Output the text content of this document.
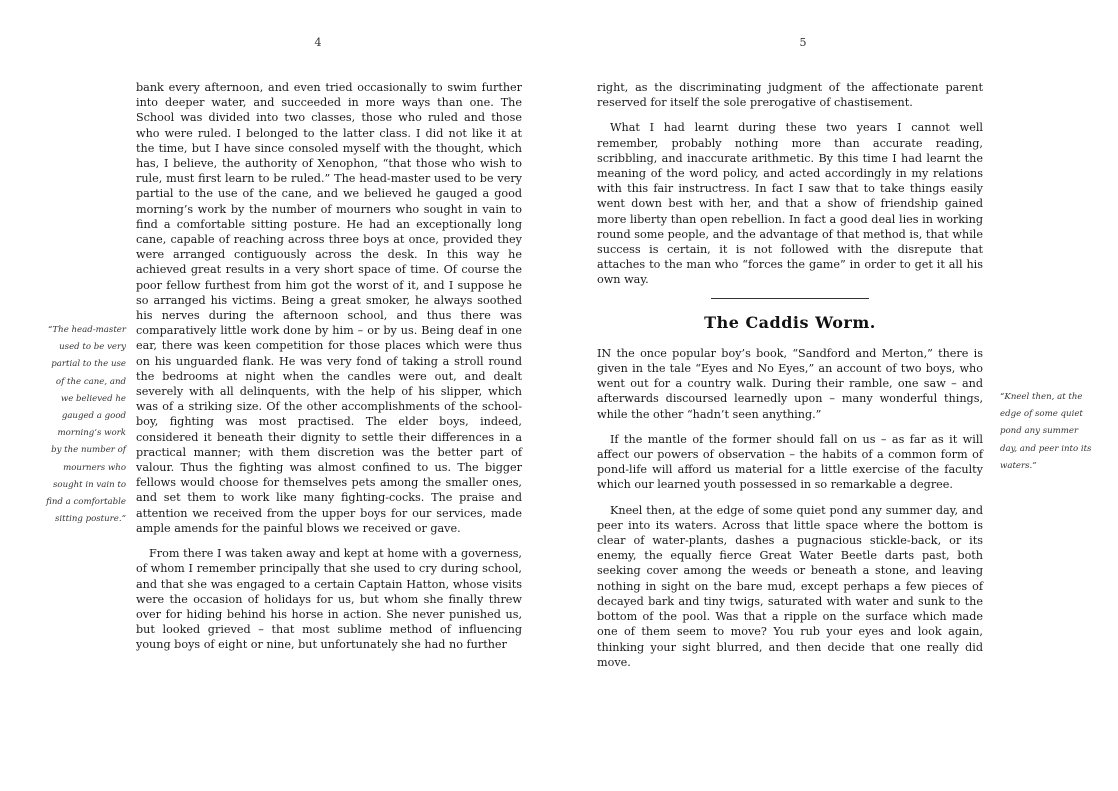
4	5
“The head-master used to be very partial to the use of the cane, and we believed he gauged a good morning’s work by the number of mourners who sought in vain to find a comfortable sitting posture.”

bank every afternoon, and even tried occasionally to swim further into deeper water, and succeeded in more ways than one. The School was divided into two classes, those who ruled and those who were ruled. I belonged to the latter class. I did not like it at the time, but I have since consoled myself with the thought, which has, I believe, the authority of Xenophon, “that those who wish to rule, must first learn to be ruled.” The head-master used to be very partial to the use of the cane, and we believed he gauged a good morning’s work by the number of mourners who sought in vain to find a comfortable sitting posture. He had an exceptionally long cane, capable of reaching across three boys at once, provided they were arranged contiguously across the desk. In this way he achieved great results in a very short space of time. Of course the poor fellow furthest from him got the worst of it, and I suppose he so arranged his victims. Being a great smoker, he always soothed his nerves during the afternoon school, and thus there was comparatively little work done by him – or by us. Being deaf in one ear, there was keen competition for those places which were thus on his unguarded flank. He was very fond of taking a stroll round the bedrooms at night when the candles were out, and dealt severely with all delinquents, with the help of his slipper, which was of a striking size. Of the other accomplishments of the school-boy, fighting was most practised. The elder boys, indeed, considered it beneath their dignity to settle their differences in a practical manner; with them discretion was the better part of valour. Thus the fighting was almost confined to us. The bigger fellows would choose for themselves pets among the smaller ones, and set them to work like many fighting-cocks. The praise and attention we received from the upper boys for our services, made ample amends for the painful blows we received or gave.

From there I was taken away and kept at home with a governess, of whom I remember principally that she used to cry during school, and that she was engaged to a certain Captain Hatton, whose visits were the occasion of holidays for us, but whom she finally threw over for hiding behind his horse in action. She never punished us, but looked grieved – that most sublime method of influencing young boys of eight or nine, but unfortunately she had no further

right, as the discriminating judgment of the affectionate parent reserved for itself the sole prerogative of chastisement.

What I had learnt during these two years I cannot well remember, probably nothing more than accurate reading, scribbling, and inaccurate arithmetic. By this time I had learnt the meaning of the word policy, and acted accordingly in my relations with this fair instructress. In fact I saw that to take things easily went down best with her, and that a show of friendship gained more liberty than open rebellion. In fact a good deal lies in working round some people, and the advantage of that method is, that while success is certain, it is not followed with the disrepute that attaches to the man who “forces the game” in order to get it all his own way.

The Caddis Worm.

IN the once popular boy’s book, “Sandford and Merton,” there is given in the tale “Eyes and No Eyes,” an account of two boys, who went out for a country walk. During their ramble, one saw – and afterwards discoursed learnedly upon – many wonderful things, while the other “hadn’t seen anything.”

If the mantle of the former should fall on us – as far as it will affect our powers of observation – the habits of a common form of pond-life will afford us material for a little exercise of the faculty which our learned youth possessed in so remarkable a degree.

Kneel then, at the edge of some quiet pond any summer day, and peer into its waters. Across that little space where the bottom is clear of water-plants, dashes a pugnacious stickle-back, or its enemy, the equally fierce Great Water Beetle darts past, both seeking cover among the weeds or beneath a stone, and leaving nothing in sight on the bare mud, except perhaps a few pieces of decayed bark and tiny twigs, saturated with water and sunk to the bottom of the pool. Was that a ripple on the surface which made one of them seem to move? You rub your eyes and look again, thinking your sight blurred, and then decide that one really did move.

“Kneel then, at the edge of some quiet pond any summer day, and peer into its waters.”
